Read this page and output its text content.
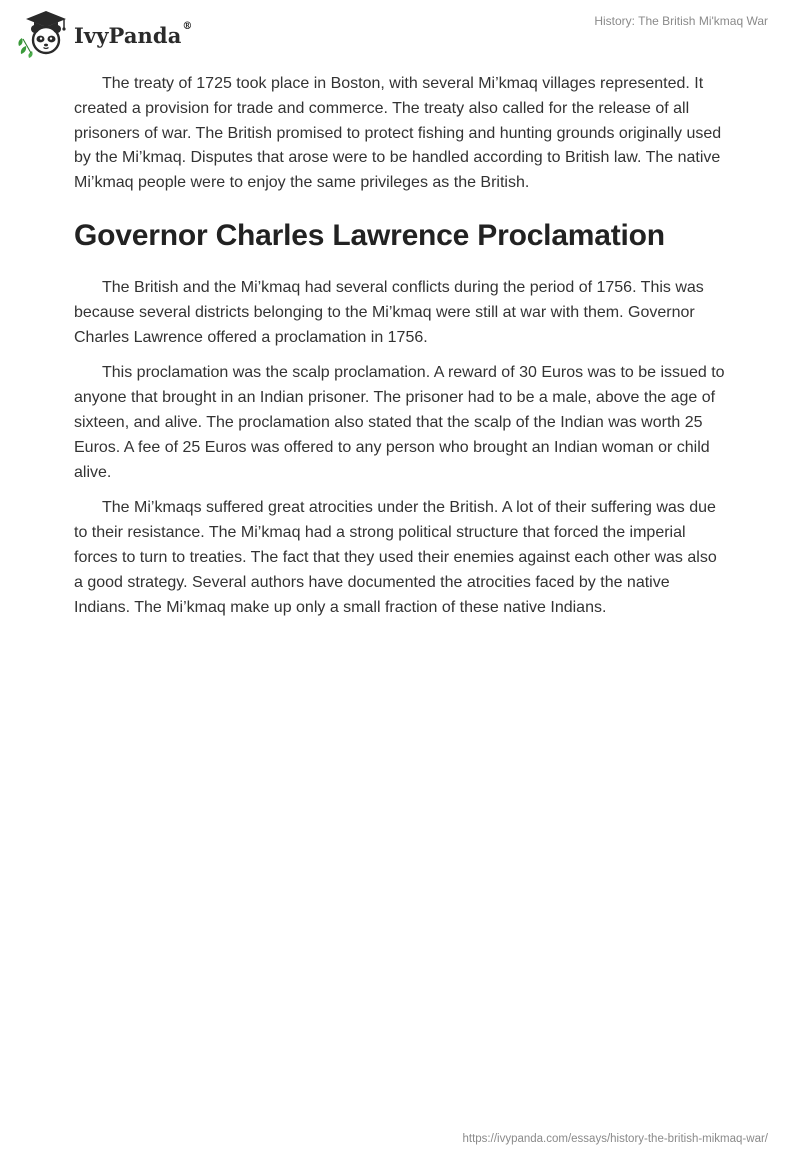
IvyPanda®	History: The British Mi'kmaq War

The treaty of 1725 took place in Boston, with several Mi’kmaq villages represented. It created a provision for trade and commerce. The treaty also called for the release of all prisoners of war. The British promised to protect fishing and hunting grounds originally used by the Mi’kmaq. Disputes that arose were to be handled according to British law. The native Mi’kmaq people were to enjoy the same privileges as the British.

Governor Charles Lawrence Proclamation

The British and the Mi’kmaq had several conflicts during the period of 1756. This was because several districts belonging to the Mi’kmaq were still at war with them. Governor Charles Lawrence offered a proclamation in 1756.

This proclamation was the scalp proclamation. A reward of 30 Euros was to be issued to anyone that brought in an Indian prisoner. The prisoner had to be a male, above the age of sixteen, and alive. The proclamation also stated that the scalp of the Indian was worth 25 Euros. A fee of 25 Euros was offered to any person who brought an Indian woman or child alive.

The Mi’kmaqs suffered great atrocities under the British. A lot of their suffering was due to their resistance. The Mi’kmaq had a strong political structure that forced the imperial forces to turn to treaties. The fact that they used their enemies against each other was also a good strategy. Several authors have documented the atrocities faced by the native Indians. The Mi’kmaq make up only a small fraction of these native Indians.

https://ivypanda.com/essays/history-the-british-mikmaq-war/
